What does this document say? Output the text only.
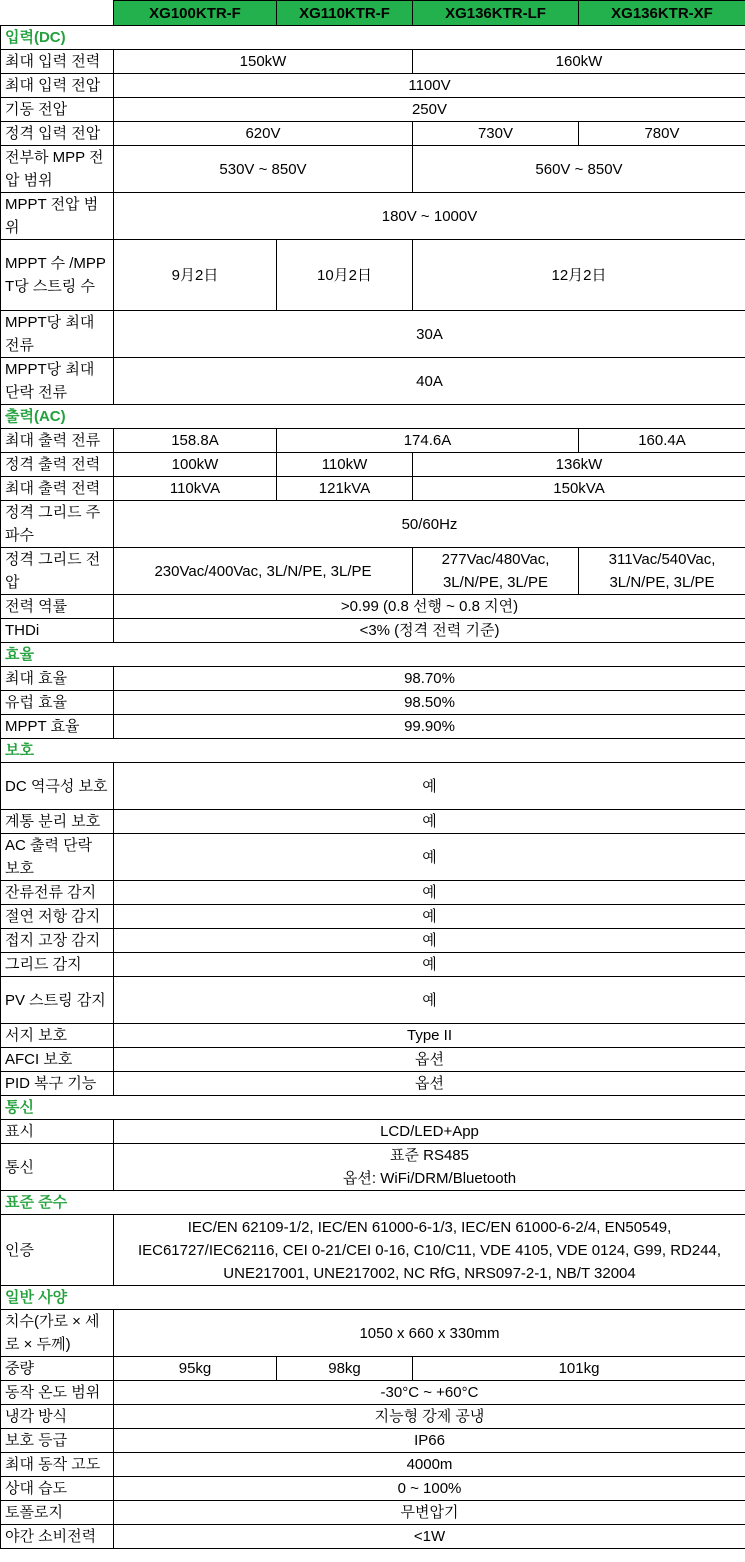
	XG100KTR-F	XG110KTR-F	XG136KTR-LF	XG136KTR-XF
입력(DC)				
최대 입력 전력	150kW		160kW	
최대 입력 전압	1100V			
기동 전압	250V			
정격 입력 전압	620V		730V	780V
전부하 MPP 전압 범위	530V ~ 850V		560V ~ 850V	
MPPT 전압 범위	180V ~ 1000V			
MPPT 수 /MPPT당 스트링 수	9月2日	10月2日	12月2日	
MPPT당 최대 전류	30A			
MPPT당 최대 단락 전류	40A			
출력(AC)				
최대 출력 전류	158.8A	174.6A		160.4A
정격 출력 전력	100kW	110kW	136kW	
최대 출력 전력	110kVA	121kVA	150kVA	
정격 그리드 주파수	50/60Hz			
정격 그리드 전압	230Vac/400Vac, 3L/N/PE, 3L/PE		277Vac/480Vac, 3L/N/PE, 3L/PE	311Vac/540Vac, 3L/N/PE, 3L/PE
전력 역률	>0.99 (0.8 선행 ~ 0.8 지연)			
THDi	<3% (정격 전력 기준)			
효율				
최대 효율	98.70%			
유럽 효율	98.50%			
MPPT 효율	99.90%			
보호				
DC 역극성 보호	예			
계통 분리 보호	예			
AC 출력 단락 보호	예			
잔류전류 감지	예			
절연 저항 감지	예			
접지 고장 감지	예			
그리드 감지	예			
PV 스트링 감지	예			
서지 보호	Type II			
AFCI 보호	옵션			
PID 복구 기능	옵션			
통신				
표시	LCD/LED+App			
통신	표준 RS485
옵션: WiFi/DRM/Bluetooth			

표준 준수				
인증	IEC/EN 62109-1/2, IEC/EN 61000-6-1/3, IEC/EN 61000-6-2/4, EN50549, IEC61727/IEC62116, CEI 0-21/CEI 0-16, C10/C11, VDE 4105, VDE 0124, G99, RD244, UNE217001, UNE217002, NC RfG, NRS097-2-1, NB/T 32004			
일반 사양				
치수(가로 × 세로 × 두께)	1050 x 660 x 330mm			
중량	95kg	98kg	101kg	
동작 온도 범위	-30°C ~ +60°C			
냉각 방식	지능형 강제 공냉			
보호 등급	IP66			
최대 동작 고도	4000m			
상대 습도	0 ~ 100%			
토폴로지	무변압기			
야간 소비전력	<1W			
